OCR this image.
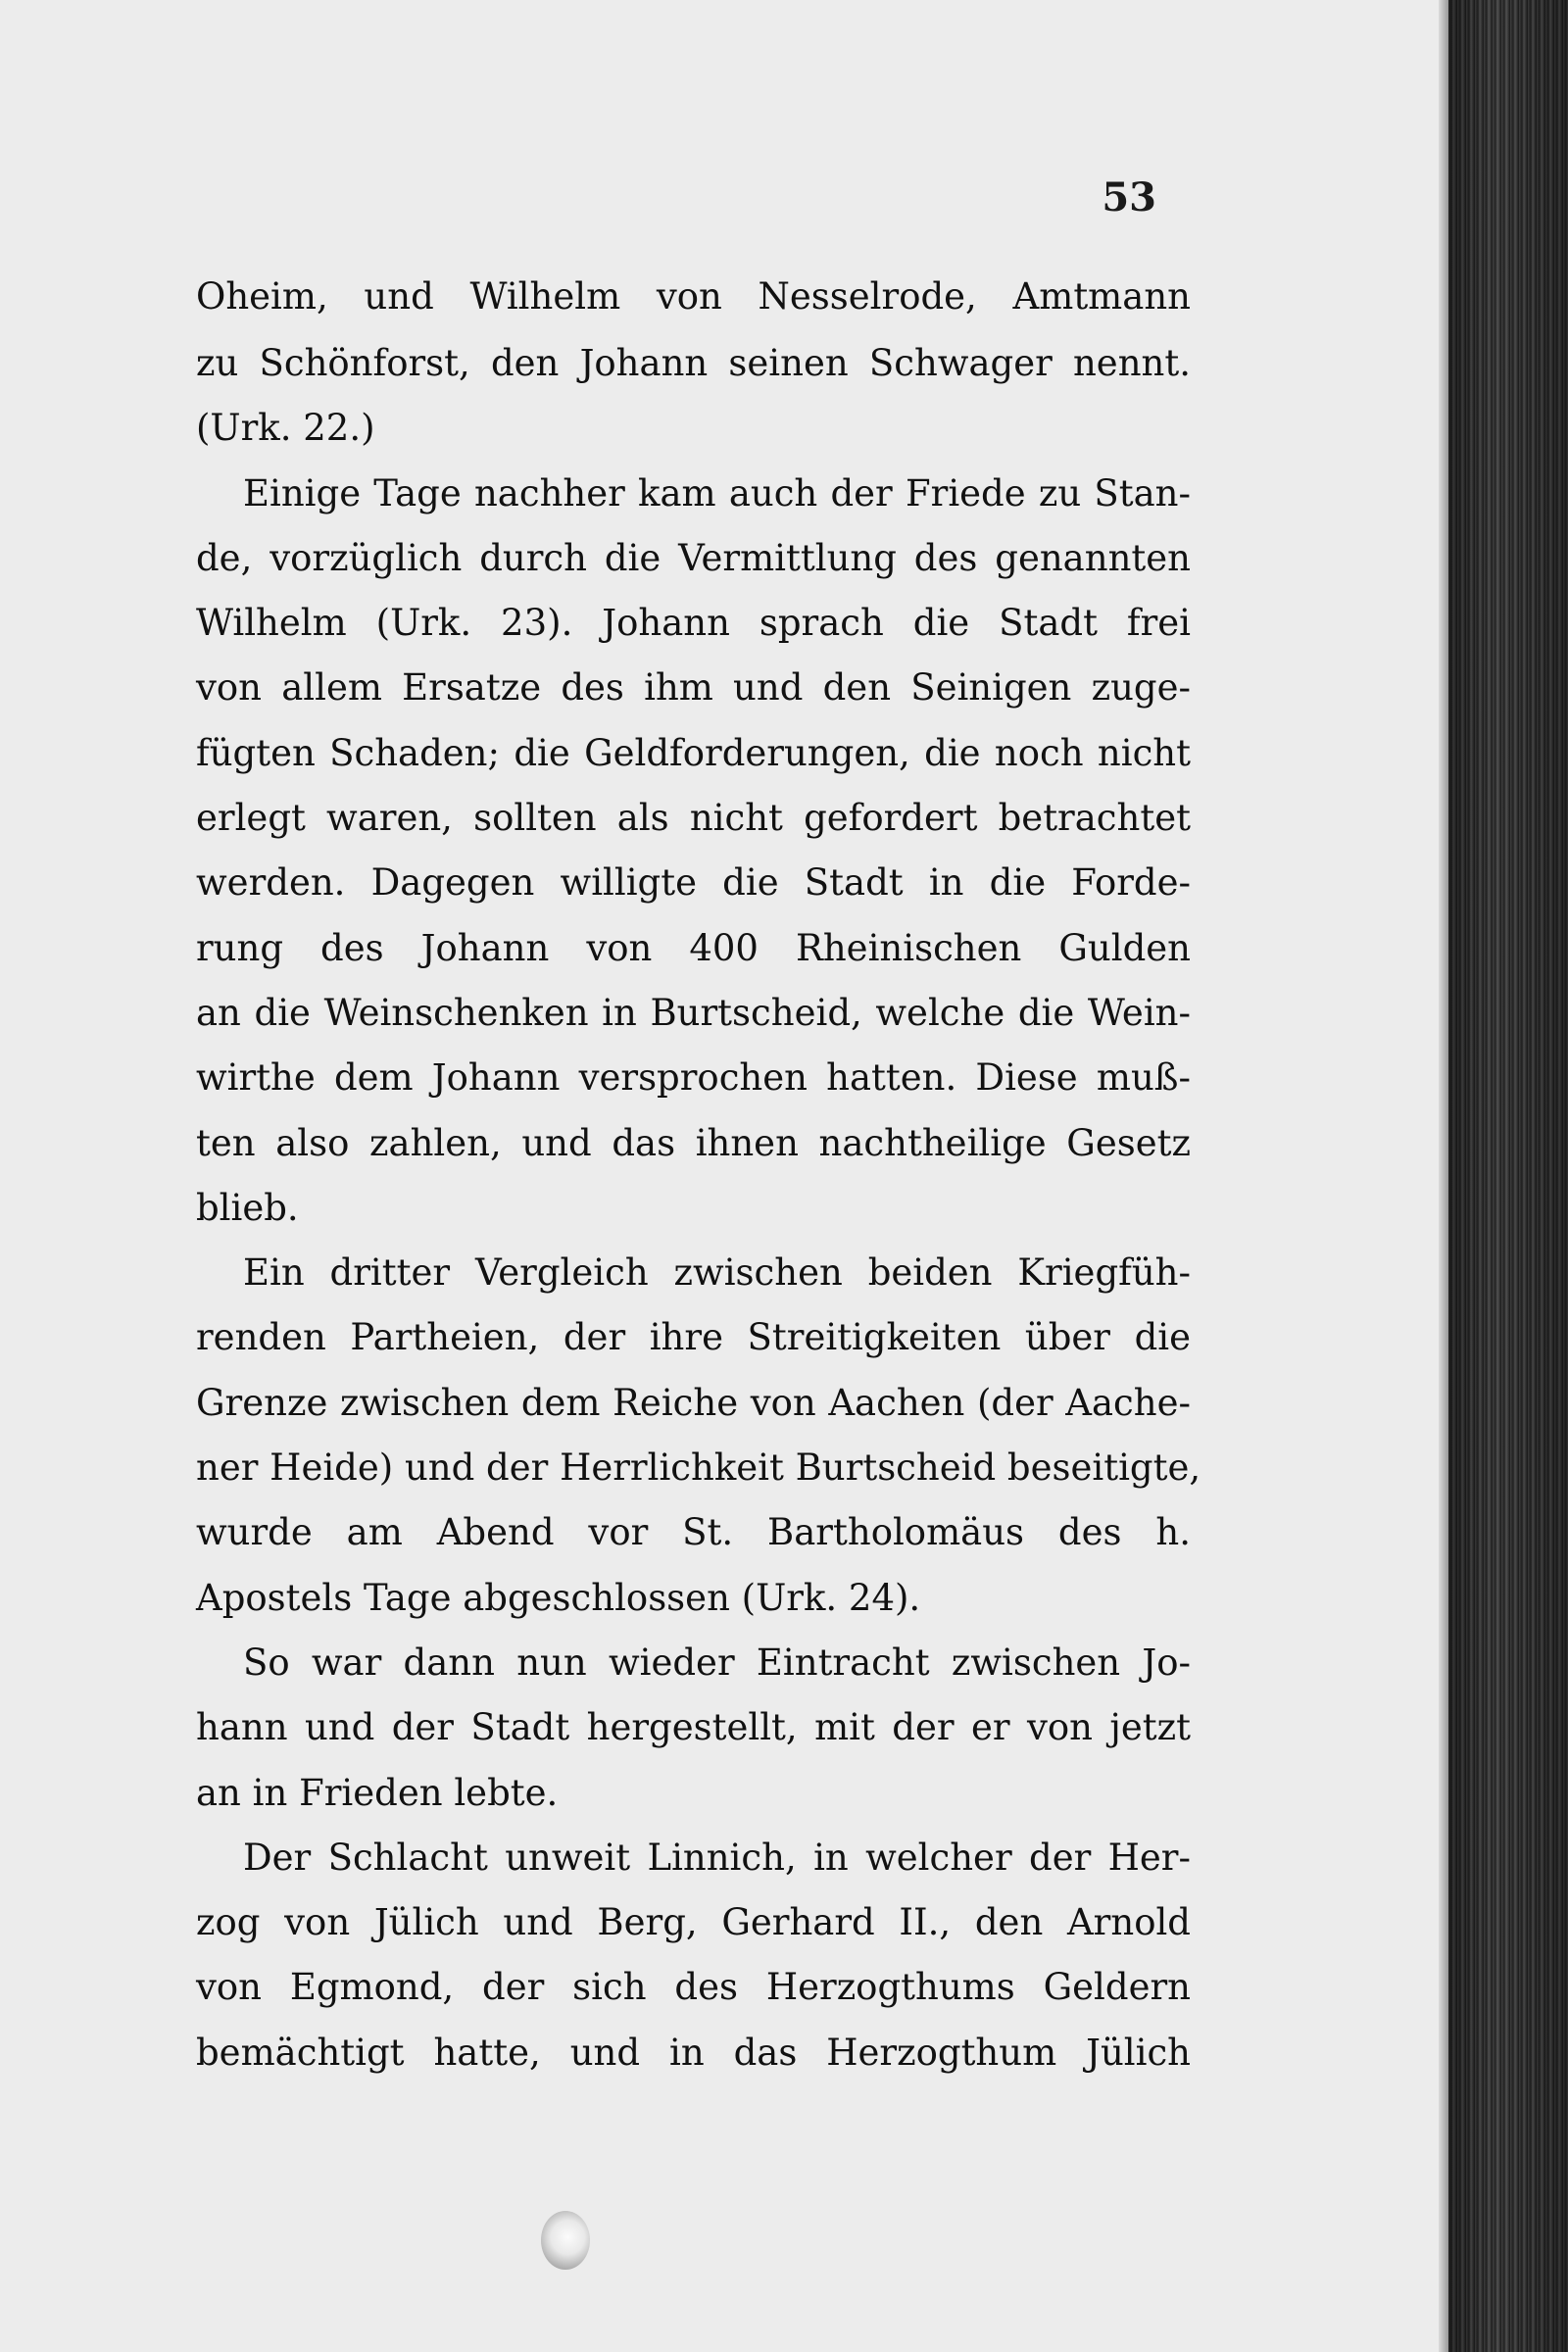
53
Oheim, und Wilhelm von Nesselrode, Amtmann
zu Schönforst, den Johann seinen Schwager nennt.
(Urk. 22.)
Einige Tage nachher kam auch der Friede zu Stan-
de, vorzüglich durch die Vermittlung des genannten
Wilhelm (Urk. 23). Johann sprach die Stadt frei
von allem Ersatze des ihm und den Seinigen zuge-
fügten Schaden; die Geldforderungen, die noch nicht
erlegt waren, sollten als nicht gefordert betrachtet
werden. Dagegen willigte die Stadt in die Forde-
rung des Johann von 400 Rheinischen Gulden
an die Weinschenken in Burtscheid, welche die Wein-
wirthe dem Johann versprochen hatten. Diese muß-
ten also zahlen, und das ihnen nachtheilige Gesetz
blieb.
Ein dritter Vergleich zwischen beiden Kriegfüh-
renden Partheien, der ihre Streitigkeiten über die
Grenze zwischen dem Reiche von Aachen (der Aache-
ner Heide) und der Herrlichkeit Burtscheid beseitigte,
wurde am Abend vor St. Bartholomäus des h.
Apostels Tage abgeschlossen (Urk. 24).
So war dann nun wieder Eintracht zwischen Jo-
hann und der Stadt hergestellt, mit der er von jetzt
an in Frieden lebte.
Der Schlacht unweit Linnich, in welcher der Her-
zog von Jülich und Berg, Gerhard II., den Arnold
von Egmond, der sich des Herzogthums Geldern
bemächtigt hatte, und in das Herzogthum Jülich
